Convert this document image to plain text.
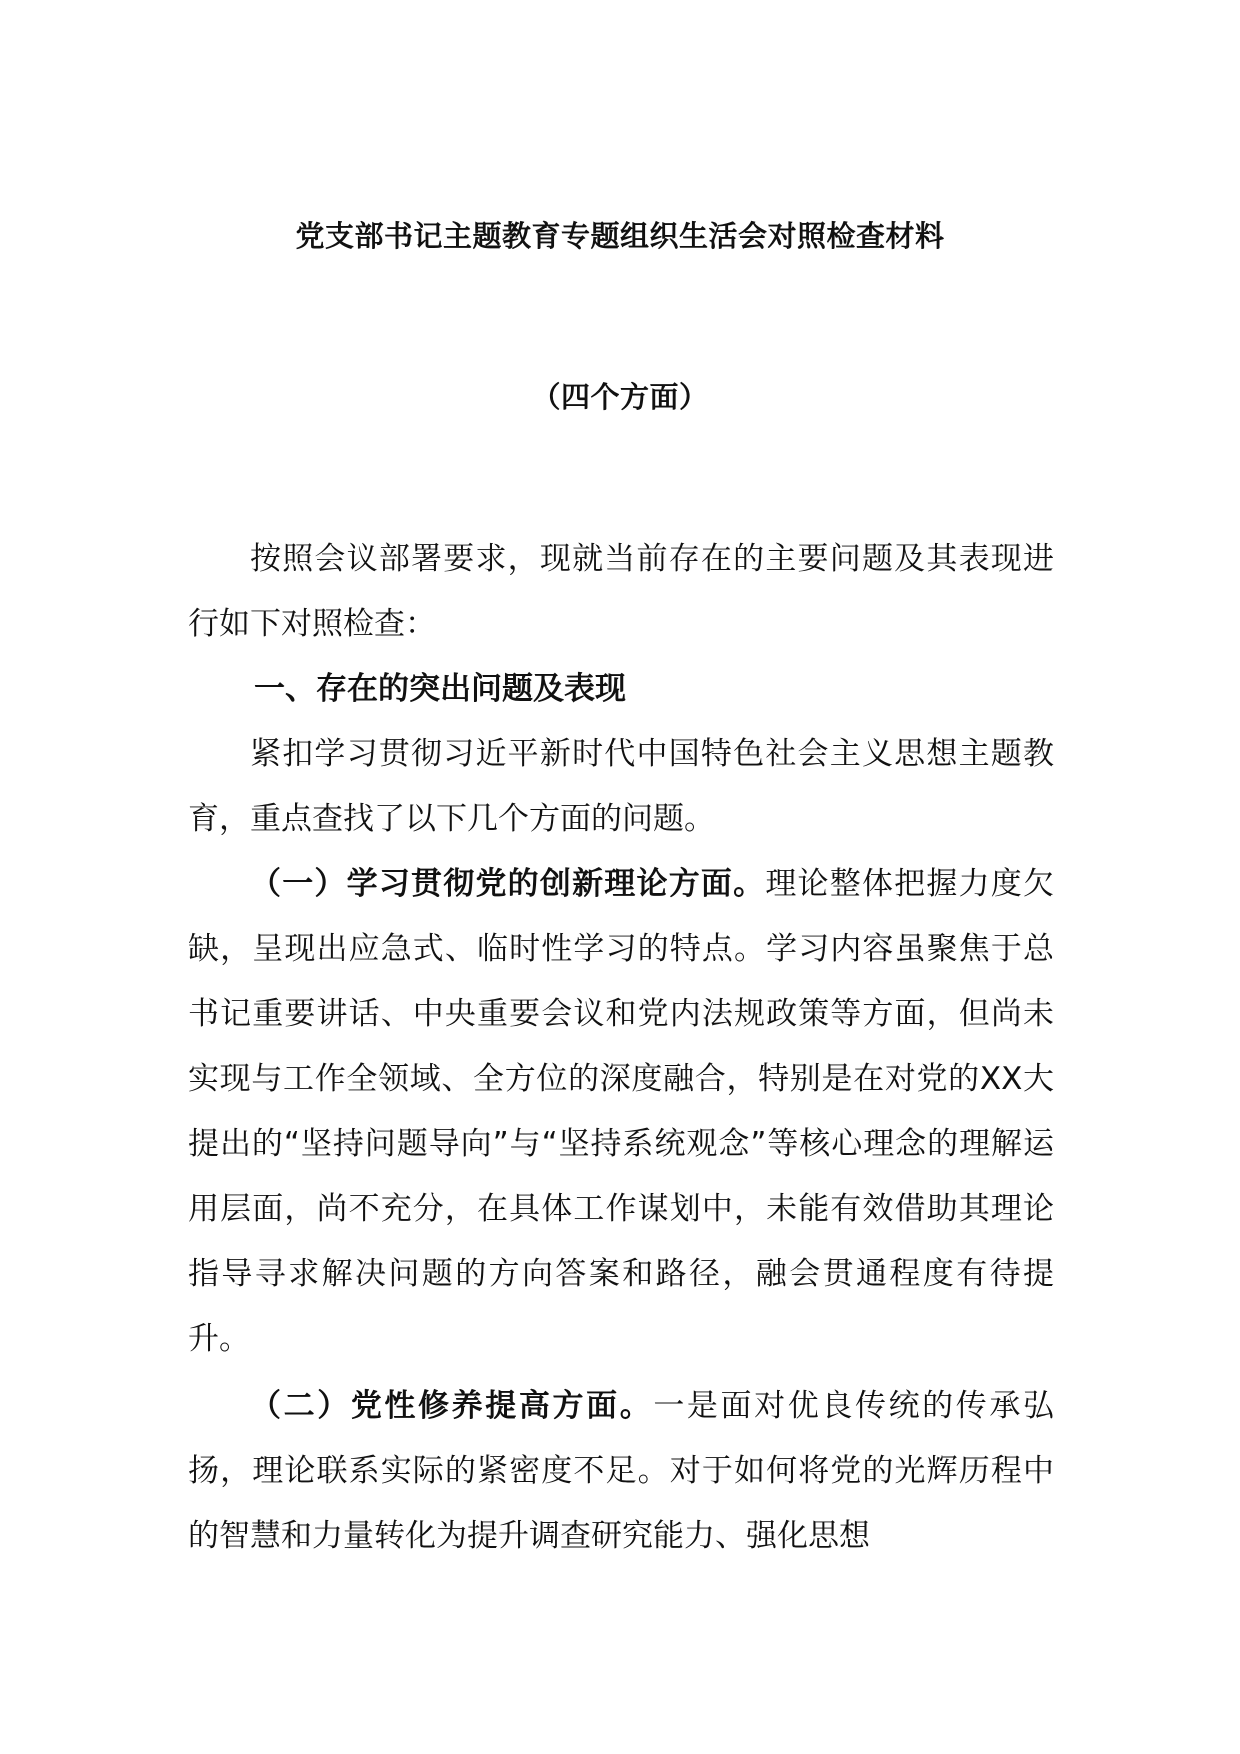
党支部书记主题教育专题组织生活会对照检查材料
（四个方面）

按照会议部署要求，现就当前存在的主要问题及其表现进行如下对照检查：

一、存在的突出问题及表现

紧扣学习贯彻习近平新时代中国特色社会主义思想主题教育，重点查找了以下几个方面的问题。

（一）学习贯彻党的创新理论方面。理论整体把握力度欠缺，呈现出应急式、临时性学习的特点。学习内容虽聚焦于总书记重要讲话、中央重要会议和党内法规政策等方面，但尚未实现与工作全领域、全方位的深度融合，特别是在对党的XX大提出的“坚持问题导向”与“坚持系统观念”等核心理念的理解运用层面，尚不充分，在具体工作谋划中，未能有效借助其理论指导寻求解决问题的方向答案和路径，融会贯通程度有待提升。

（二）党性修养提高方面。一是面对优良传统的传承弘扬，理论联系实际的紧密度不足。对于如何将党的光辉历程中的智慧和力量转化为提升调查研究能力、强化思想
